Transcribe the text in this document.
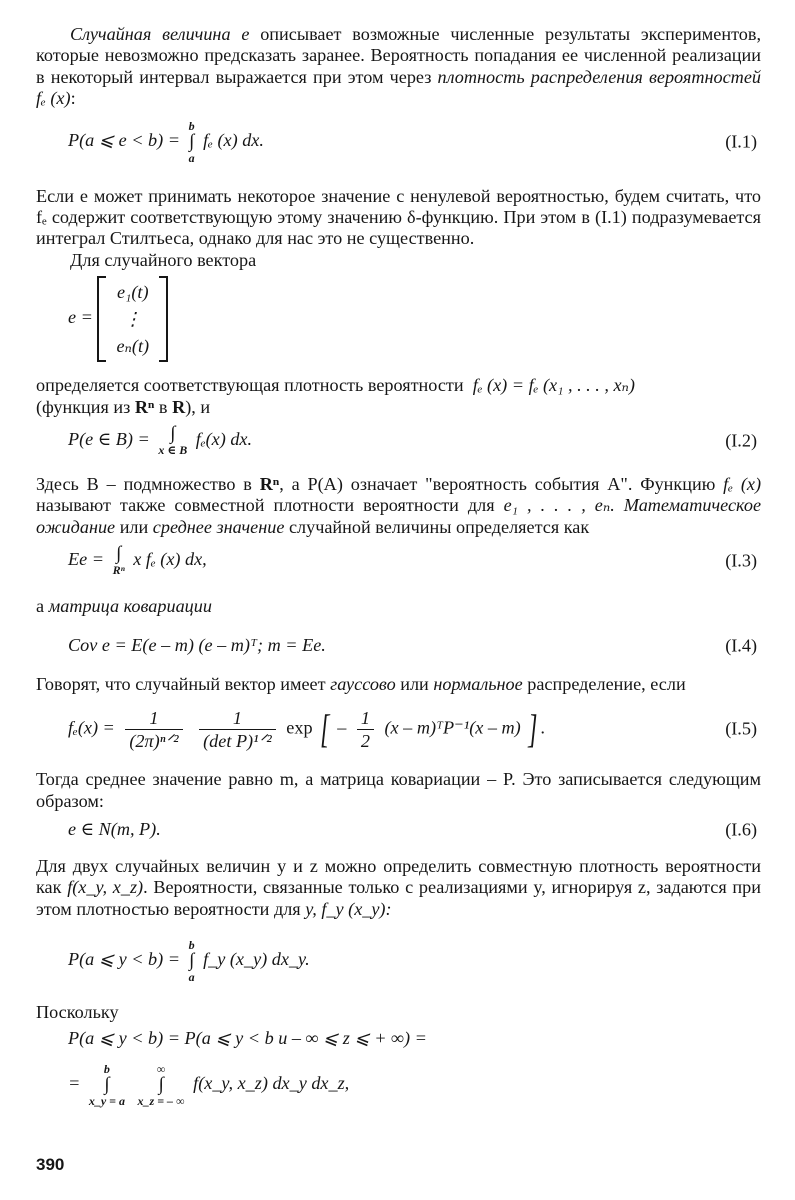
Случайная величина e описывает возможные численные результаты экспериментов, которые невозможно предсказать заранее. Вероятность попадания ее численной реализации в некоторый интервал выражается при этом через плотность распределения вероятностей fₑ (x):

P(a ⩽ e < b) =
b
∫
a
fₑ (x) dx.	(I.1)

Если e может принимать некоторое значение с ненулевой вероятностью, будем считать, что fₑ содержит соответствующую этому значению δ-функцию. При этом в (I.1) подразумевается интеграл Стилтьеса, однако для нас это не существенно.

Для случайного вектора

e =
e₁(t)
⋮
eₙ(t)

определяется соответствующая плотность вероятности fₑ (x) = fₑ (x₁ , . . . , xₙ)
(функция из Rⁿ в R), и

P(e ∈ B) = ∫
x ∈ B
fₑ(x) dx.	(I.2)

Здесь B – подмножество в Rⁿ, а P(A) означает "вероятность события A". Функцию fₑ (x) называют также совместной плотности вероятности для e₁ , . . . , eₙ. Математическое ожидание или среднее значение случайной величины определяется как

Ee = ∫
Rⁿ
x fₑ (x) dx,	(I.3)

а матрица ковариации

Cov e = E(e – m) (e – m)ᵀ; m = Ee.	(I.4)

Говорят, что случайный вектор имеет гауссово или нормальное распределение, если

$f_e(x) = \frac{1}{\text{(2π)ⁿᐟ²}}$
$\frac{1}{\text{(det P)¹ᐟ²}}$ exp [ – $\frac{1}{2} (x$ – m)ᵀP⁻¹(x – m) ] .	(I.5)

Тогда среднее значение равно m, а матрица ковариации – P. Это записывается следующим образом:

e ∈ N(m, P).	(I.6)

Для двух случайных величин y и z можно определить совместную плотность вероятности как f(x_y, x_z). Вероятности, связанные только с реализациями y, игнорируя z, задаются при этом плотностью вероятности для y, f_y (x_y):

P(a ⩽ y < b) =
b
∫
a
f_y (x_y) dx_y.

Поскольку

P(a ⩽ y < b) = P(a ⩽ y < b и – ∞ ⩽ z ⩽ + ∞) =
=
b
∫
x_y = a

∞
∫
x_z = – ∞
f(x_y, x_z) dx_y dx_z,
390
